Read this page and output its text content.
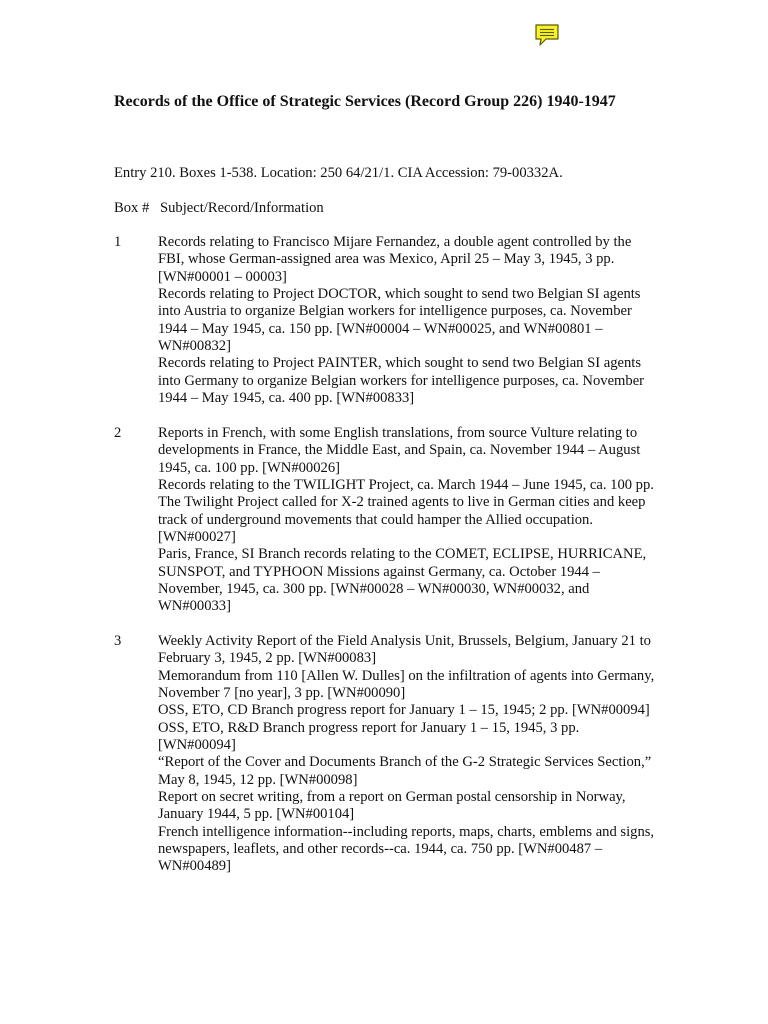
Records of the Office of Strategic Services (Record Group 226) 1940-1947
Entry 210. Boxes 1-538. Location: 250 64/21/1. CIA Accession: 79-00332A.
Box # Subject/Record/Information
1	Records relating to Francisco Mijare Fernandez, a double agent controlled by the FBI, whose German-assigned area was Mexico, April 25 – May 3, 1945, 3 pp. [WN#00001 – 00003]
Records relating to Project DOCTOR, which sought to send two Belgian SI agents into Austria to organize Belgian workers for intelligence purposes, ca. November 1944 – May 1945, ca. 150 pp. [WN#00004 – WN#00025, and WN#00801 – WN#00832]
Records relating to Project PAINTER, which sought to send two Belgian SI agents into Germany to organize Belgian workers for intelligence purposes, ca. November 1944 – May 1945, ca. 400 pp. [WN#00833]
2	Reports in French, with some English translations, from source Vulture relating to developments in France, the Middle East, and Spain, ca. November 1944 – August 1945, ca. 100 pp. [WN#00026]
Records relating to the TWILIGHT Project, ca. March 1944 – June 1945, ca. 100 pp. The Twilight Project called for X-2 trained agents to live in German cities and keep track of underground movements that could hamper the Allied occupation. [WN#00027]
Paris, France, SI Branch records relating to the COMET, ECLIPSE, HURRICANE, SUNSPOT, and TYPHOON Missions against Germany, ca. October 1944 – November, 1945, ca. 300 pp. [WN#00028 – WN#00030, WN#00032, and WN#00033]
3	Weekly Activity Report of the Field Analysis Unit, Brussels, Belgium, January 21 to February 3, 1945, 2 pp. [WN#00083]
Memorandum from 110 [Allen W. Dulles] on the infiltration of agents into Germany, November 7 [no year], 3 pp. [WN#00090]
OSS, ETO, CD Branch progress report for January 1 – 15, 1945; 2 pp. [WN#00094]
OSS, ETO, R&D Branch progress report for January 1 – 15, 1945, 3 pp. [WN#00094]
“Report of the Cover and Documents Branch of the G-2 Strategic Services Section,” May 8, 1945, 12 pp. [WN#00098]
Report on secret writing, from a report on German postal censorship in Norway, January 1944, 5 pp. [WN#00104]
French intelligence information--including reports, maps, charts, emblems and signs, newspapers, leaflets, and other records--ca. 1944, ca. 750 pp. [WN#00487 – WN#00489]
